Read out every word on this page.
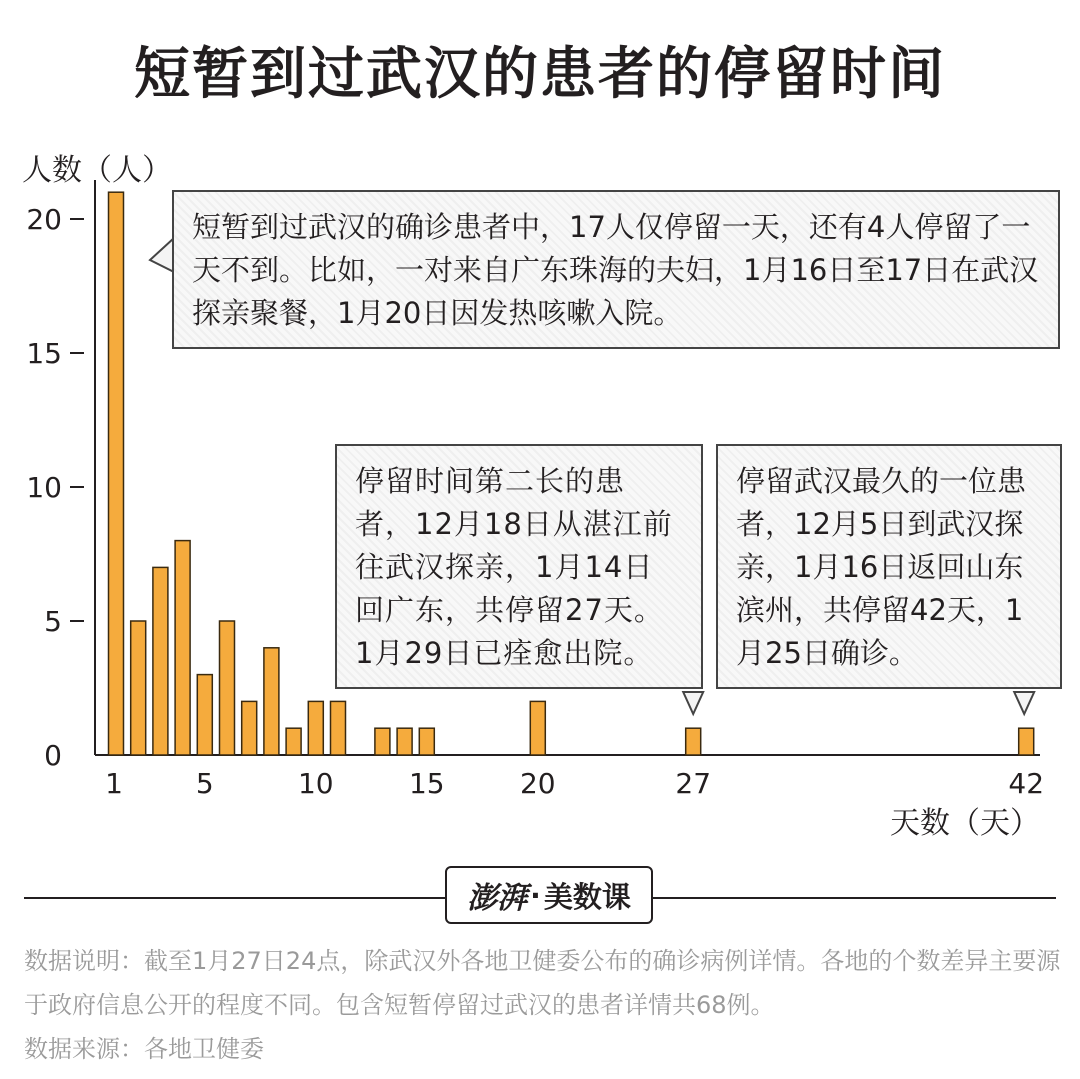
短暂到过武汉的患者的停留时间
0
5
10
15
20
人数（人）
1	5	10	15	20	27	42
天数（天）
短暂到过武汉的确诊患者中，17人仅停留一天，还有4人停留了一天不到。比如，一对来自广东珠海的夫妇，1月16日至17日在武汉探亲聚餐，1月20日因发热咳嗽入院。
停留时间第二长的患者，12月18日从湛江前往武汉探亲，1月14日回广东，共停留27天。1月29日已痊愈出院。
停留武汉最久的一位患者，12月5日到武汉探亲，1月16日返回山东滨州，共停留42天，1月25日确诊。
澎湃 · 美数课
数据说明：截至1月27日24点，除武汉外各地卫健委公布的确诊病例详情。各地的个数差异主要源于政府信息公开的程度不同。包含短暂停留过武汉的患者详情共68例。
数据来源：各地卫健委
